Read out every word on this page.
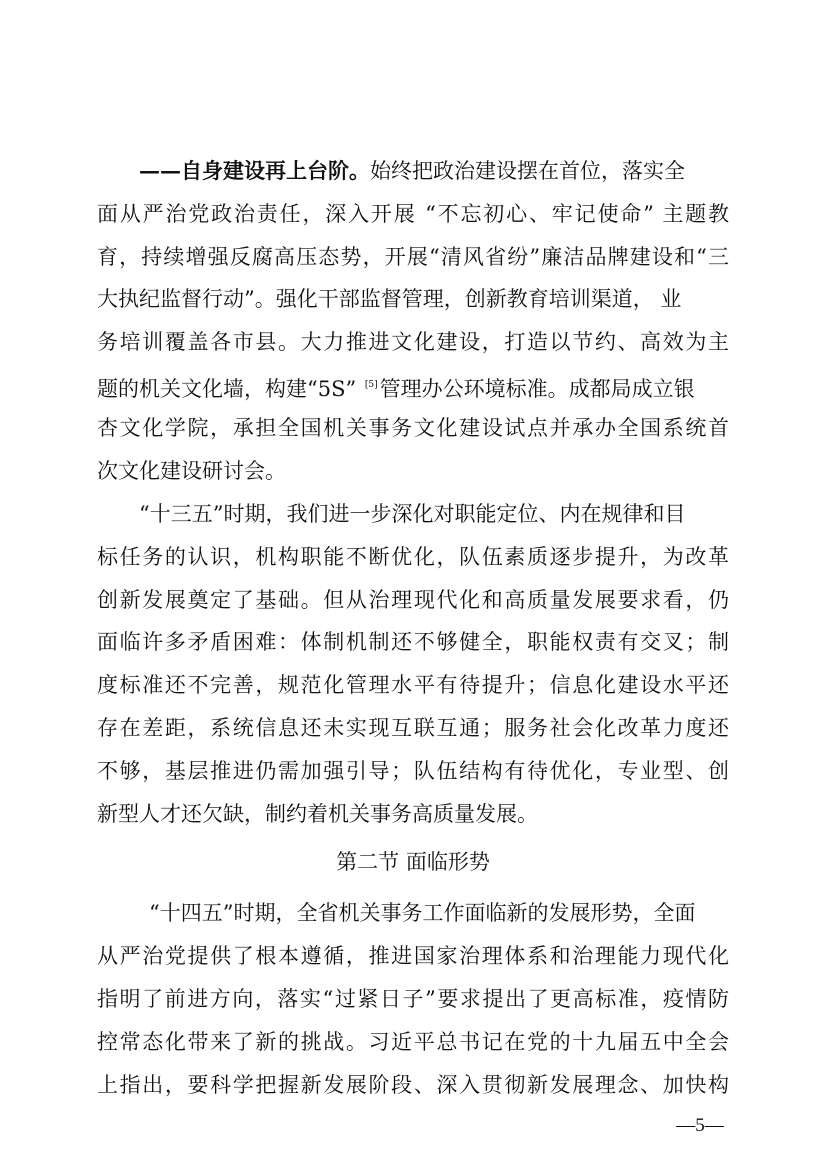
——自身建设再上台阶。始终把政治建设摆在首位，落实全
面从严治党政治责任，深入开展 “不忘初心、牢记使命” 主题教
育，持续增强反腐高压态势，开展“清风省纷”廉洁品牌建设和“三
大执纪监督行动”。强化干部监督管理，创新教育培训渠道， 业
务培训覆盖各市县。大力推进文化建设，打造以节约、高效为主
题的机关文化墙，构建“5S” [5]管理办公环境标准。成都局成立银
杏文化学院，承担全国机关事务文化建设试点并承办全国系统首
次文化建设研讨会。
“十三五”时期，我们进一步深化对职能定位、内在规律和目
标任务的认识，机构职能不断优化，队伍素质逐步提升，为改革
创新发展奠定了基础。但从治理现代化和高质量发展要求看，仍
面临许多矛盾困难：体制机制还不够健全，职能权责有交叉；制
度标准还不完善，规范化管理水平有待提升；信息化建设水平还
存在差距，系统信息还未实现互联互通；服务社会化改革力度还
不够，基层推进仍需加强引导；队伍结构有待优化，专业型、创
新型人才还欠缺，制约着机关事务高质量发展。
第二节 面临形势
“十四五”时期，全省机关事务工作面临新的发展形势，全面
从严治党提供了根本遵循，推进国家治理体系和治理能力现代化
指明了前进方向，落实“过紧日子”要求提出了更高标准，疫情防
控常态化带来了新的挑战。习近平总书记在党的十九届五中全会
上指出，要科学把握新发展阶段、深入贯彻新发展理念、加快构
—5—
